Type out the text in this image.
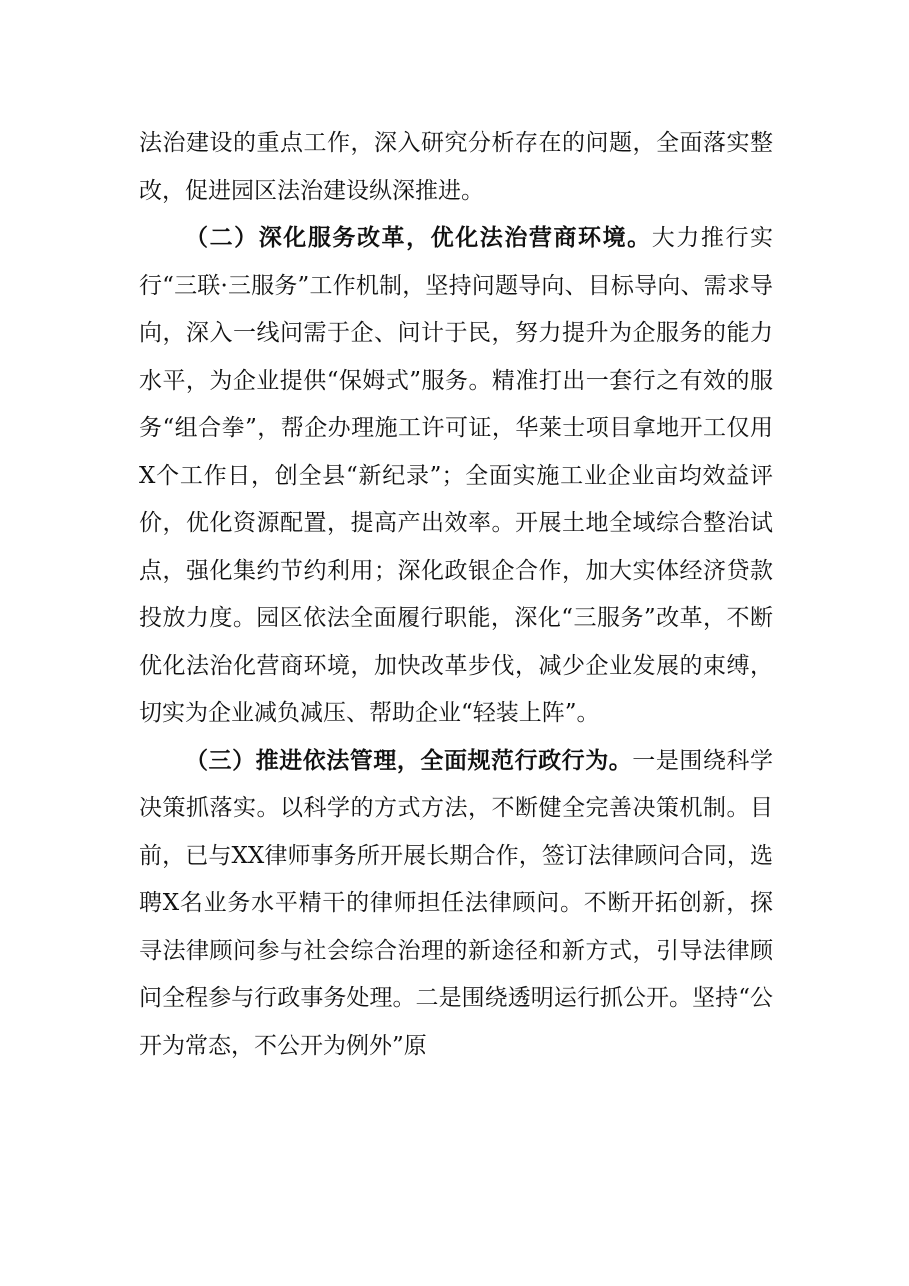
法治建设的重点工作，深入研究分析存在的问题，全面落实整改，促进园区法治建设纵深推进。

（二）深化服务改革，优化法治营商环境。大力推行实行“三联·三服务”工作机制，坚持问题导向、目标导向、需求导向，深入一线问需于企、问计于民，努力提升为企服务的能力水平，为企业提供“保姆式”服务。精准打出一套行之有效的服务“组合拳”，帮企办理施工许可证，华莱士项目拿地开工仅用X个工作日，创全县“新纪录”；全面实施工业企业亩均效益评价，优化资源配置，提高产出效率。开展土地全域综合整治试点，强化集约节约利用；深化政银企合作，加大实体经济贷款投放力度。园区依法全面履行职能，深化“三服务”改革，不断优化法治化营商环境，加快改革步伐，减少企业发展的束缚，切实为企业减负减压、帮助企业“轻装上阵”。

（三）推进依法管理，全面规范行政行为。一是围绕科学决策抓落实。以科学的方式方法，不断健全完善决策机制。目前，已与XX律师事务所开展长期合作，签订法律顾问合同，选聘X名业务水平精干的律师担任法律顾问。不断开拓创新，探寻法律顾问参与社会综合治理的新途径和新方式，引导法律顾问全程参与行政事务处理。二是围绕透明运行抓公开。坚持“公开为常态，不公开为例外”原
